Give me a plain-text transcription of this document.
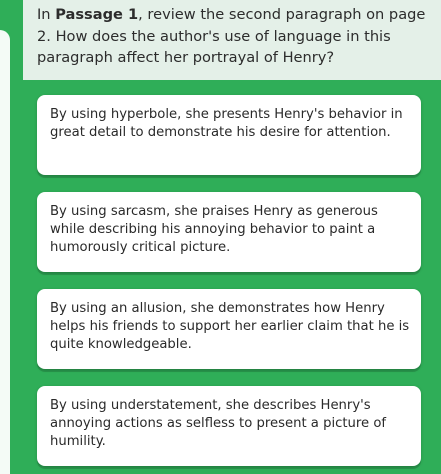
In Passage 1, review the second paragraph on page 2. How does the author's use of language in this paragraph affect her portrayal of Henry?
By using hyperbole, she presents Henry's behavior in great detail to demonstrate his desire for attention.
By using sarcasm, she praises Henry as generous while describing his annoying behavior to paint a humorously critical picture.
By using an allusion, she demonstrates how Henry helps his friends to support her earlier claim that he is quite knowledgeable.
By using understatement, she describes Henry's annoying actions as selfless to present a picture of humility.
